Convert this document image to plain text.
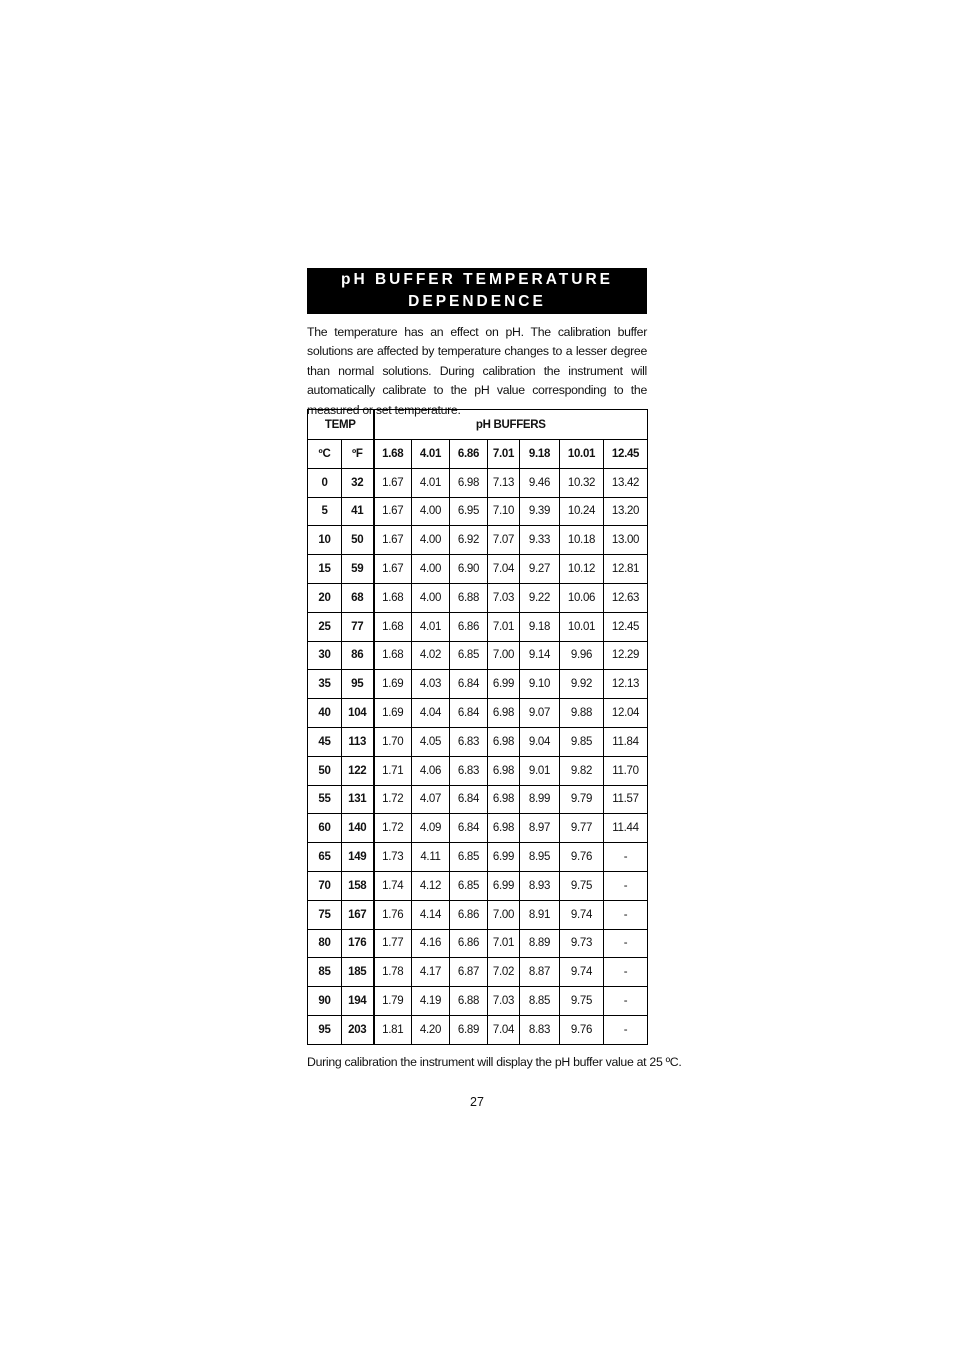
pH BUFFER TEMPERATURE
DEPENDENCE
The temperature has an effect on pH. The calibration buffer solutions are affected by temperature changes to a lesser degree than normal solutions. During calibration the instrument will automatically calibrate to the pH value corresponding to the measured or set temperature.
TEMP		pH BUFFERS						
ºC	ºF	1.68	4.01	6.86	7.01	9.18	10.01	12.45
0	32	1.67	4.01	6.98	7.13	9.46	10.32	13.42
5	41	1.67	4.00	6.95	7.10	9.39	10.24	13.20
10	50	1.67	4.00	6.92	7.07	9.33	10.18	13.00
15	59	1.67	4.00	6.90	7.04	9.27	10.12	12.81
20	68	1.68	4.00	6.88	7.03	9.22	10.06	12.63
25	77	1.68	4.01	6.86	7.01	9.18	10.01	12.45
30	86	1.68	4.02	6.85	7.00	9.14	9.96	12.29
35	95	1.69	4.03	6.84	6.99	9.10	9.92	12.13
40	104	1.69	4.04	6.84	6.98	9.07	9.88	12.04
45	113	1.70	4.05	6.83	6.98	9.04	9.85	11.84
50	122	1.71	4.06	6.83	6.98	9.01	9.82	11.70
55	131	1.72	4.07	6.84	6.98	8.99	9.79	11.57
60	140	1.72	4.09	6.84	6.98	8.97	9.77	11.44
65	149	1.73	4.11	6.85	6.99	8.95	9.76	-
70	158	1.74	4.12	6.85	6.99	8.93	9.75	-
75	167	1.76	4.14	6.86	7.00	8.91	9.74	-
80	176	1.77	4.16	6.86	7.01	8.89	9.73	-
85	185	1.78	4.17	6.87	7.02	8.87	9.74	-
90	194	1.79	4.19	6.88	7.03	8.85	9.75	-
95	203	1.81	4.20	6.89	7.04	8.83	9.76	-
During calibration the instrument will display the pH buffer value at 25 ºC.
27
